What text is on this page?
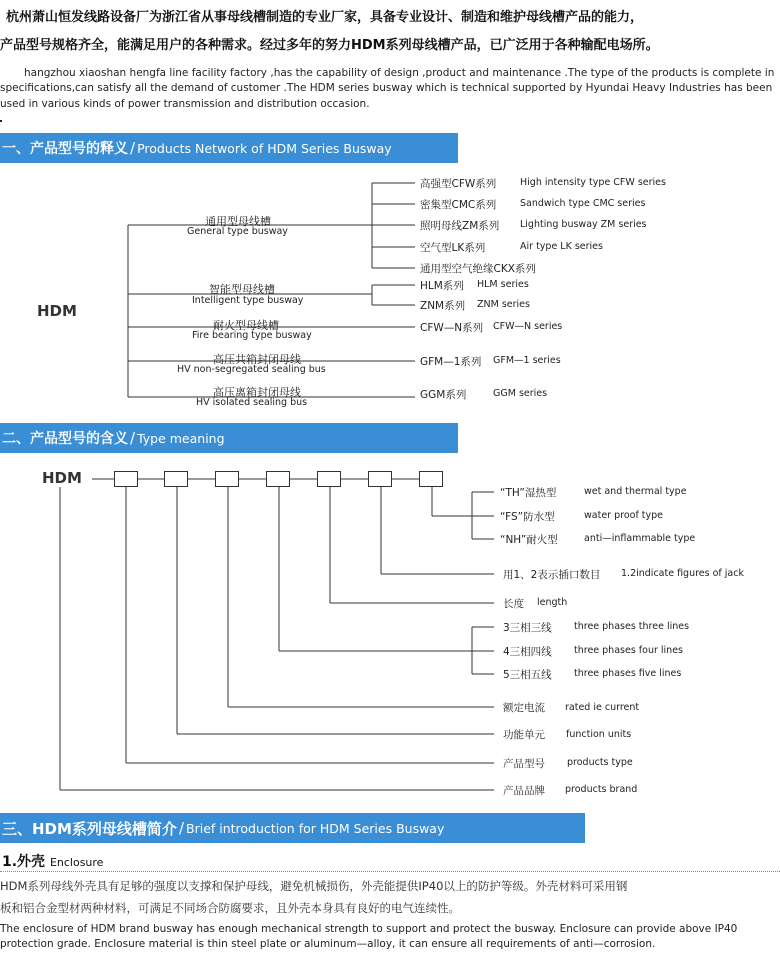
杭州萧山恒发线路设备厂为浙江省从事母线槽制造的专业厂家，具备专业设计、制造和维护母线槽产品的能力，
产品型号规格齐全，能满足用户的各种需求。经过多年的努力HDM系列母线槽产品，已广泛用于各种输配电场所。
hangzhou xiaoshan hengfa line facility factory ,has the capability of design ,product and maintenance .The type of the products is complete in
specifications,can satisfy all the demand of customer .The HDM series busway which is technical supported by Hyundai Heavy Industries has been
used in various kinds of power transmission and distribution occasion.
一、产品型号的释义 / Products Network of HDM Series Busway
HDM
通用型母线槽
General type busway
智能型母线槽
Intelligent type busway
耐火型母线槽
Fire bearing type busway
高压共箱封闭母线
HV non-segregated sealing bus
高压离箱封闭母线
HV isolated sealing bus
高强型CFW系列 High intensity type CFW series
密集型CMC系列	Sandwich type CMC series
照明母线ZM系列 Lighting busway ZM series
空气型LK系列	Air type LK series
通用型空气绝缘CKX系列
HLM系列 HLM series
ZNM系列 ZNM series
CFW—N系列 CFW—N series
GFM—1系列 GFM—1 series
GGM系列	GGM series
二、产品型号的含义 / Type meaning
HDM
“TH”湿热型	wet and thermal type
“FS”防水型	water proof type
“NH”耐火型	anti—inflammable type
用1、2表示插口数目 1.2indicate figures of jack
长度 length
3三相三线 three phases three lines
4三相四线 three phases four lines
5三相五线 three phases five lines
额定电流 rated ie current
功能单元 function units
产品型号 products type
产品品牌 products brand
三、HDM系列母线槽简介 / Brief introduction for HDM Series Busway
1.外壳 Enclosure
HDM系列母线外壳具有足够的强度以支撑和保护母线，避免机械损伤，外壳能提供IP40以上的防护等级。外壳材料可采用钢
板和铝合金型材两种材料，可满足不同场合防腐要求，且外壳本身具有良好的电气连续性。
The enclosure of HDM brand busway has enough mechanical strength to support and protect the busway. Enclosure can provide above IP40
protection grade. Enclosure material is thin steel plate or aluminum—alloy, it can ensure all requirements of anti—corrosion.
